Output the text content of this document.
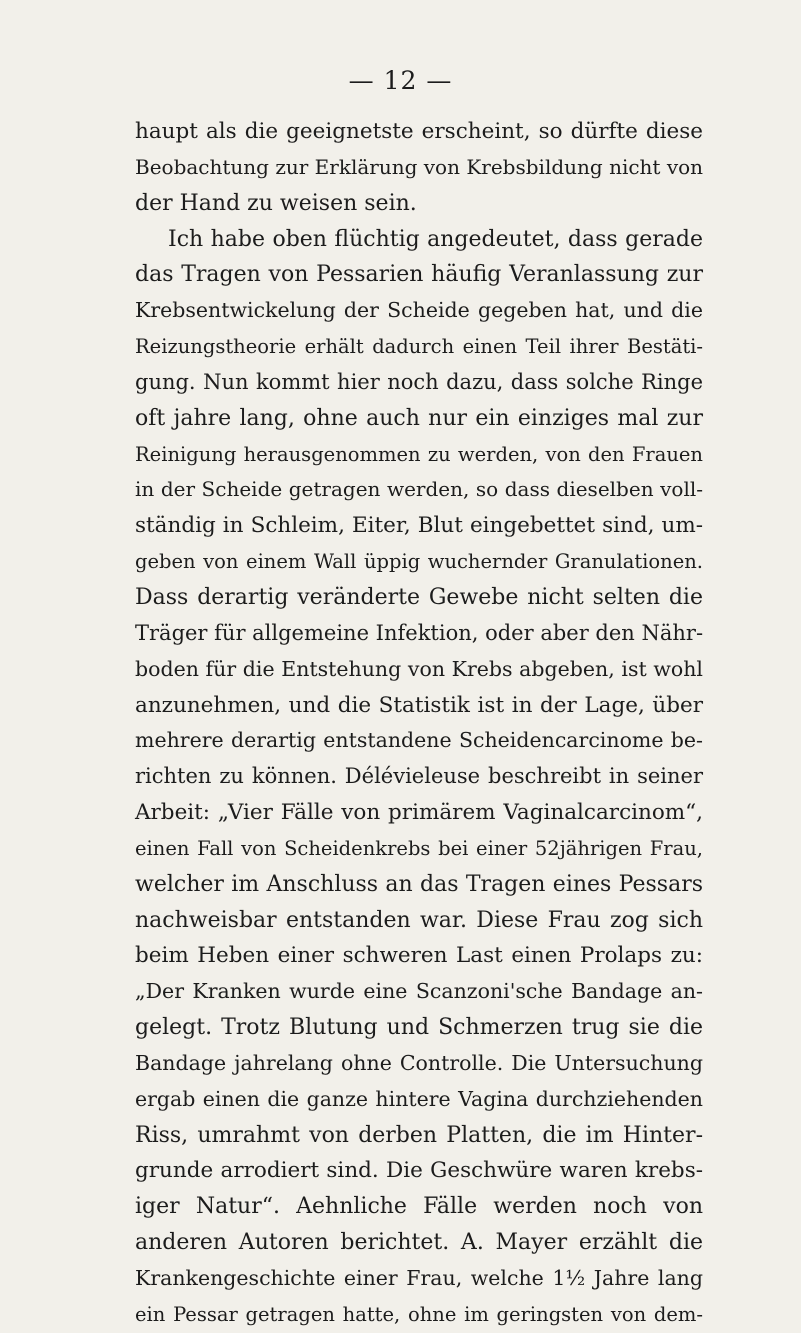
— 12 —
haupt als die geeignetste erscheint, so dürfte diese
Beobachtung zur Erklärung von Krebsbildung nicht von
der Hand zu weisen sein.
Ich habe oben flüchtig angedeutet, dass gerade
das Tragen von Pessarien häufig Veranlassung zur
Krebsentwickelung der Scheide gegeben hat, und die
Reizungstheorie erhält dadurch einen Teil ihrer Bestäti-
gung. Nun kommt hier noch dazu, dass solche Ringe
oft jahre lang, ohne auch nur ein einziges mal zur
Reinigung herausgenommen zu werden, von den Frauen
in der Scheide getragen werden, so dass dieselben voll-
ständig in Schleim, Eiter, Blut eingebettet sind, um-
geben von einem Wall üppig wuchernder Granulationen.
Dass derartig veränderte Gewebe nicht selten die
Träger für allgemeine Infektion, oder aber den Nähr-
boden für die Entstehung von Krebs abgeben, ist wohl
anzunehmen, und die Statistik ist in der Lage, über
mehrere derartig entstandene Scheidencarcinome be-
richten zu können. Délévieleuse beschreibt in seiner
Arbeit: „Vier Fälle von primärem Vaginalcarcinom“,
einen Fall von Scheidenkrebs bei einer 52jährigen Frau,
welcher im Anschluss an das Tragen eines Pessars
nachweisbar entstanden war. Diese Frau zog sich
beim Heben einer schweren Last einen Prolaps zu:
„Der Kranken wurde eine Scanzoni'sche Bandage an-
gelegt. Trotz Blutung und Schmerzen trug sie die
Bandage jahrelang ohne Controlle. Die Untersuchung
ergab einen die ganze hintere Vagina durchziehenden
Riss, umrahmt von derben Platten, die im Hinter-
grunde arrodiert sind. Die Geschwüre waren krebs-
iger Natur“. Aehnliche Fälle werden noch von
anderen Autoren berichtet. A. Mayer erzählt die
Krankengeschichte einer Frau, welche 1½ Jahre lang
ein Pessar getragen hatte, ohne im geringsten von dem-
